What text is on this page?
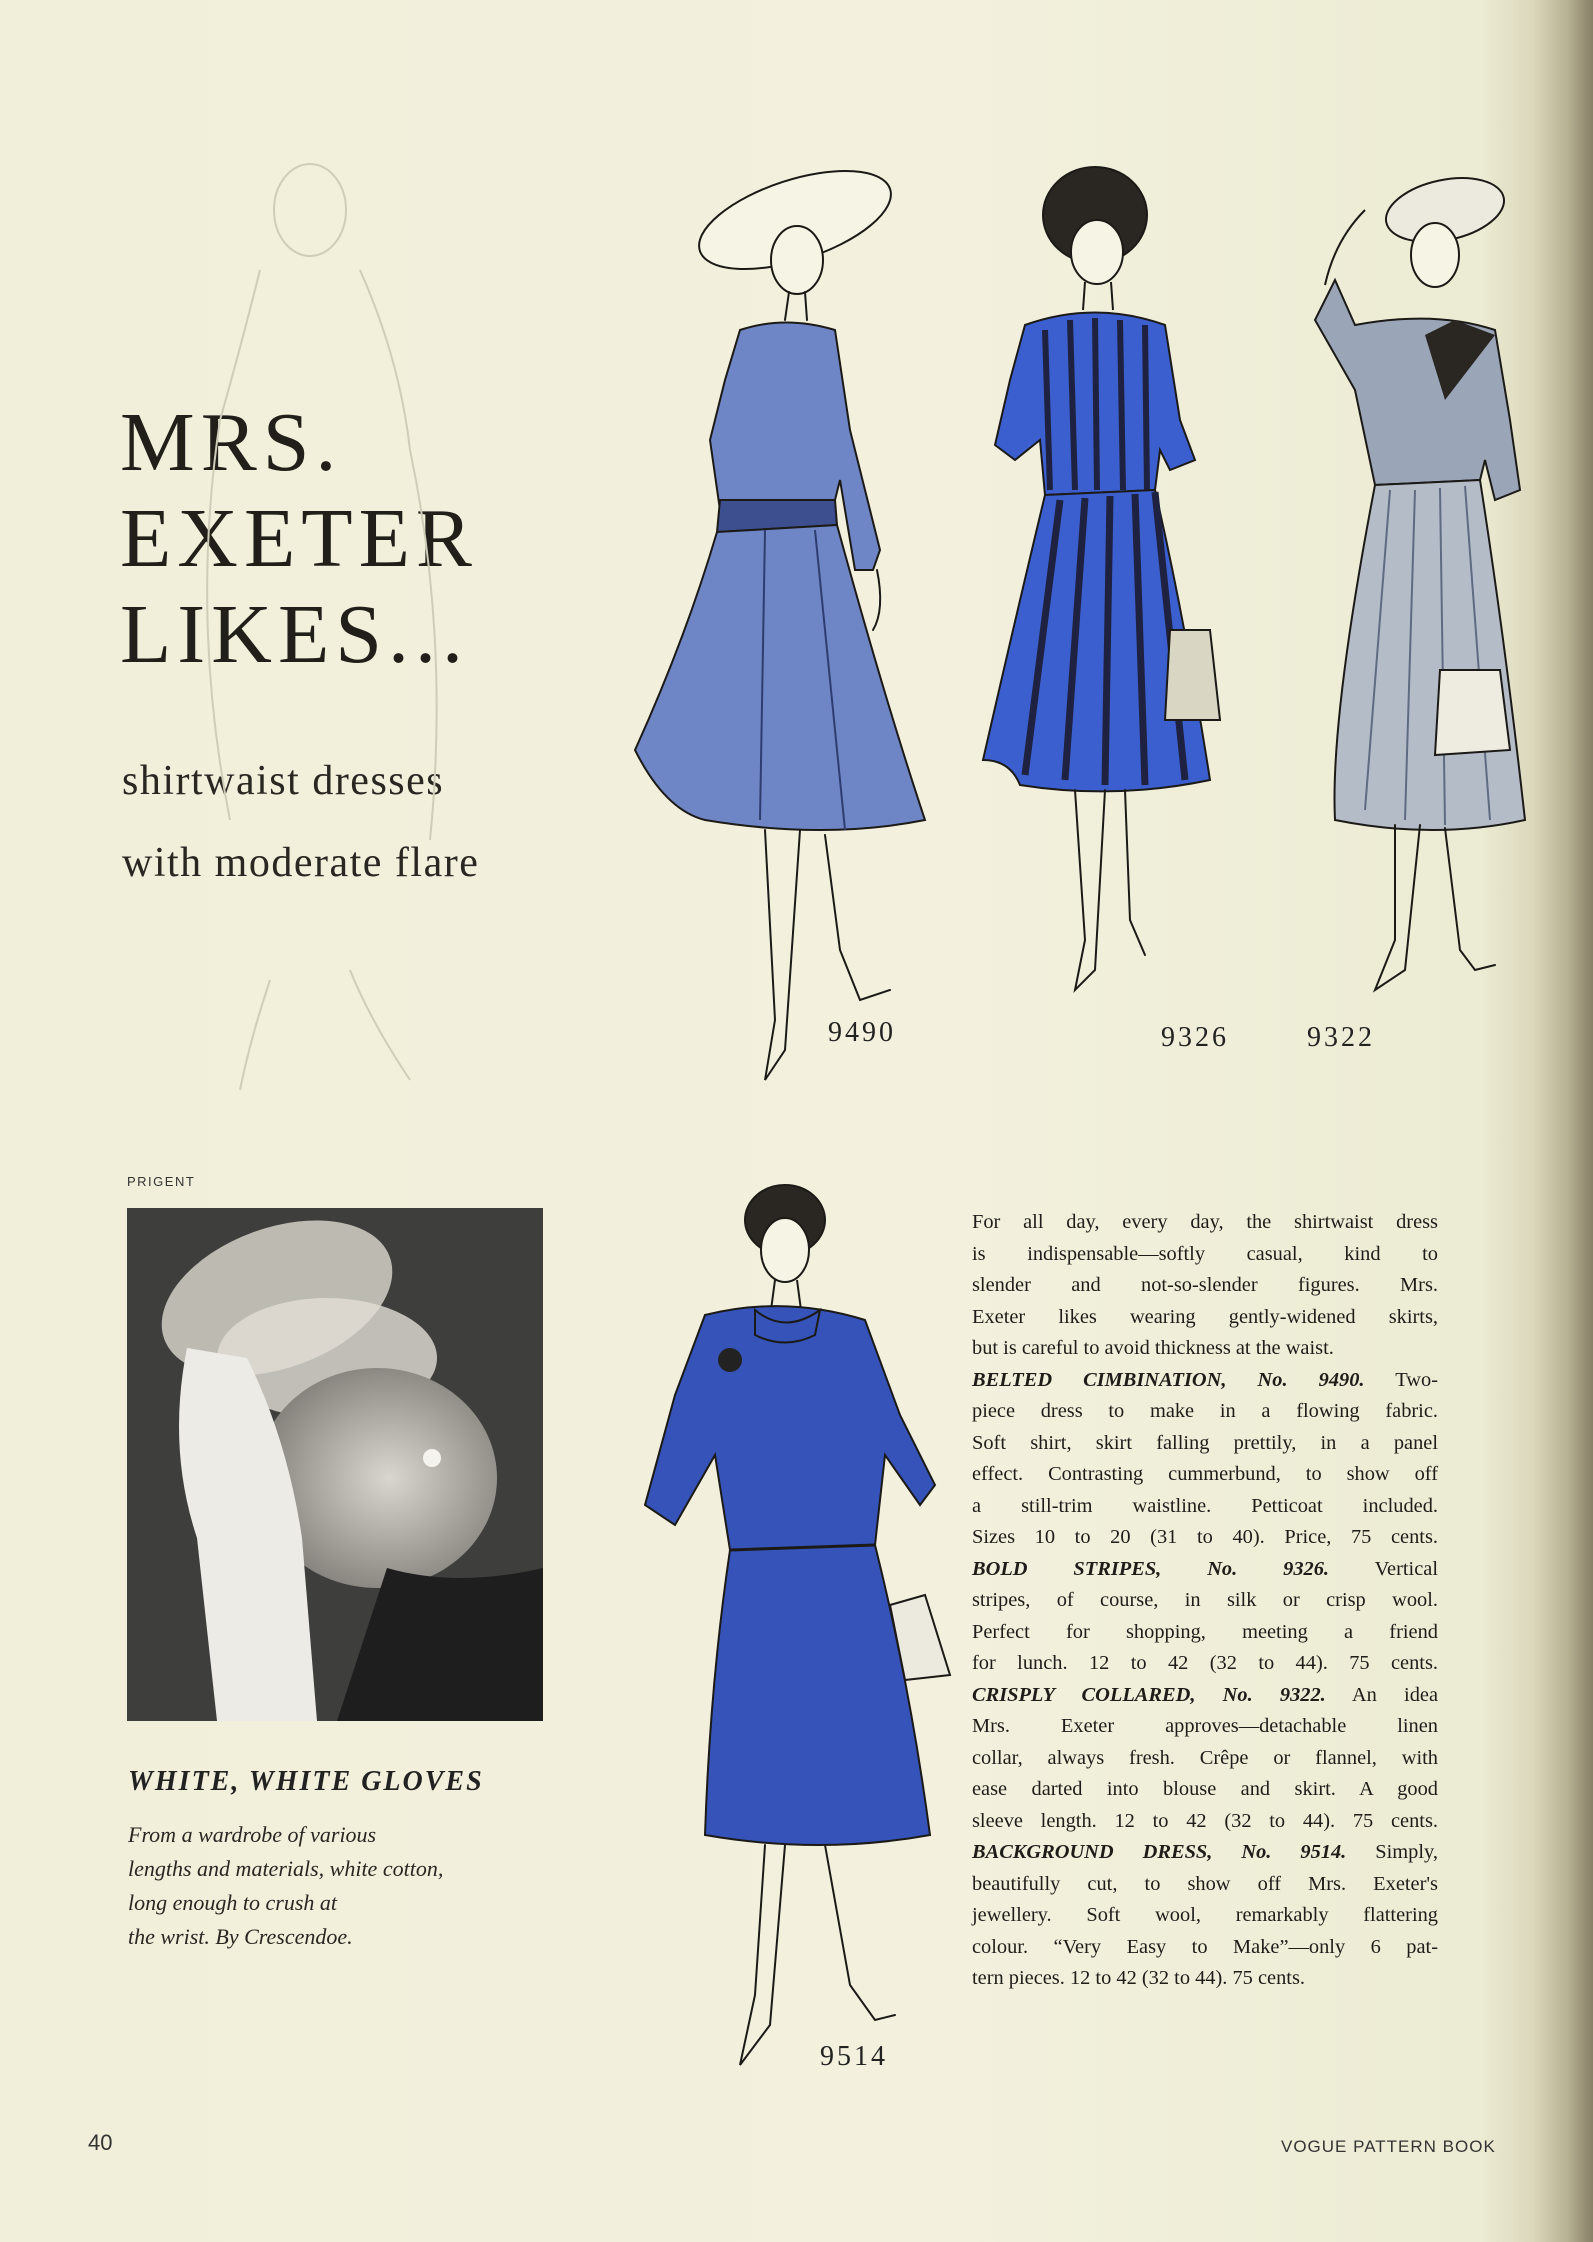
MRS.
EXETER
LIKES...
shirtwaist dresses
with moderate flare
9490	9326	9322
9514
PRIGENT
WHITE, WHITE GLOVES
From a wardrobe of various
lengths and materials, white cotton,
long enough to crush at
the wrist. By Crescendoe.
For all day, every day, the shirtwaist dress
is indispensable—softly casual, kind to
slender and not-so-slender figures. Mrs.
Exeter likes wearing gently-widened skirts,
but is careful to avoid thickness at the waist.
BELTED CIMBINATION, No. 9490. Two-
piece dress to make in a flowing fabric.
Soft shirt, skirt falling prettily, in a panel
effect. Contrasting cummerbund, to show off
a still-trim waistline. Petticoat included.
Sizes 10 to 20 (31 to 40). Price, 75 cents.
BOLD STRIPES, No. 9326. Vertical
stripes, of course, in silk or crisp wool.
Perfect for shopping, meeting a friend
for lunch. 12 to 42 (32 to 44). 75 cents.
CRISPLY COLLARED, No. 9322. An idea
Mrs. Exeter approves—detachable linen
collar, always fresh. Crêpe or flannel, with
ease darted into blouse and skirt. A good
sleeve length. 12 to 42 (32 to 44). 75 cents.
BACKGROUND DRESS, No. 9514. Simply,
beautifully cut, to show off Mrs. Exeter's
jewellery. Soft wool, remarkably flattering
colour. “Very Easy to Make”—only 6 pat-
tern pieces. 12 to 42 (32 to 44). 75 cents.
40	VOGUE PATTERN BOOK
